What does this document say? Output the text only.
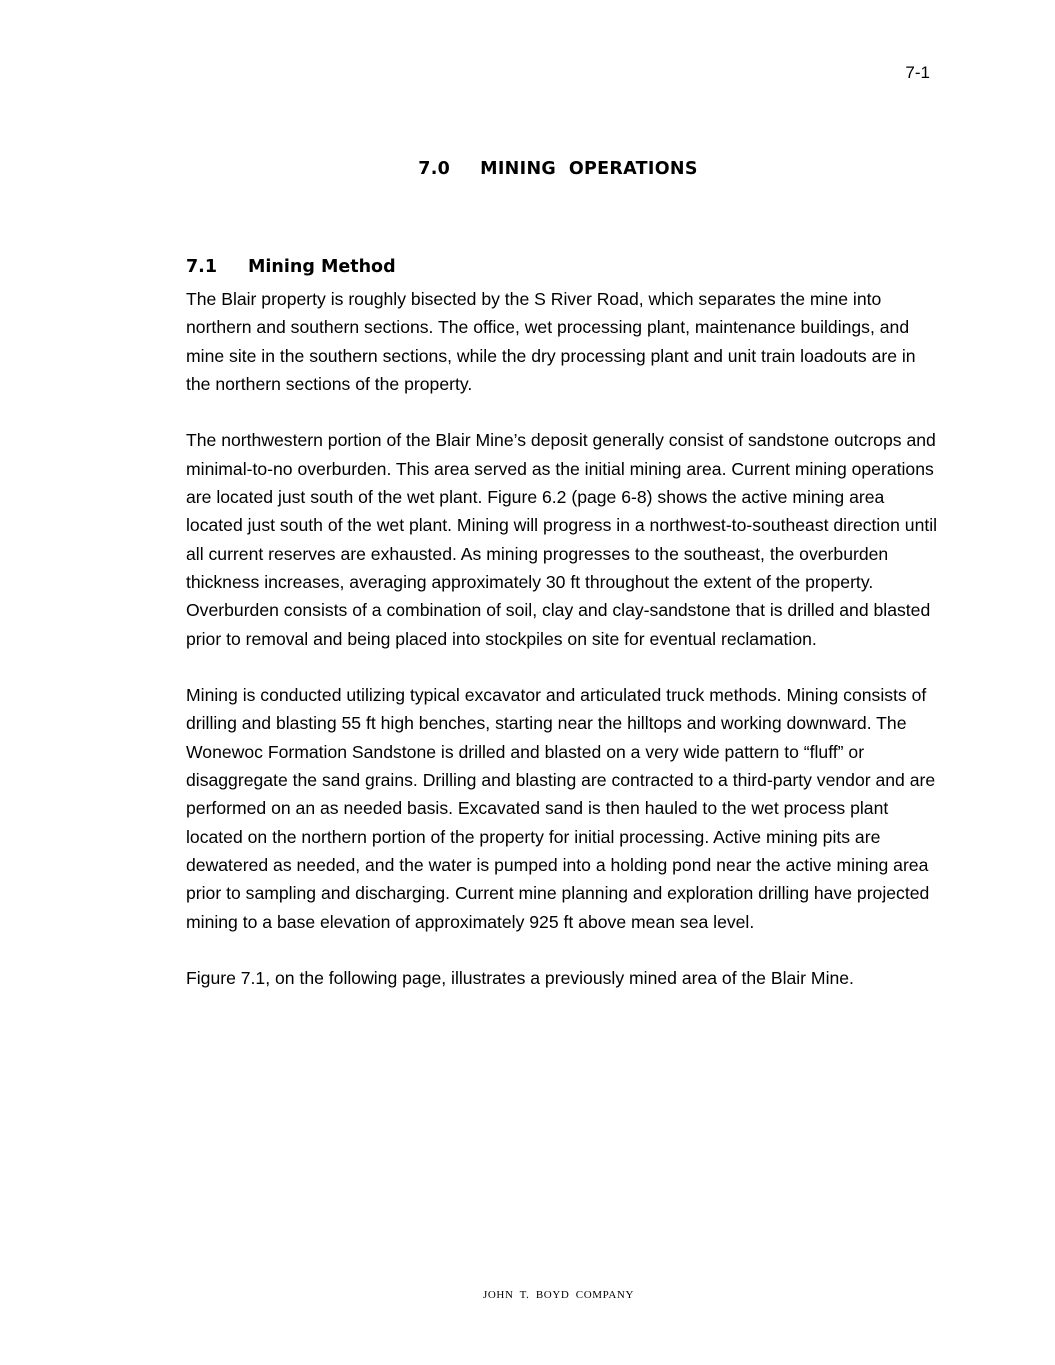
7-1
7.0 MINING  OPERATIONS
7.1 Mining Method

The Blair property is roughly bisected by the S River Road, which separates the mine into northern and southern sections. The office, wet processing plant, maintenance buildings, and mine site in the southern sections, while the dry processing plant and unit train loadouts are in the northern sections of the property.

The northwestern portion of the Blair Mine’s deposit generally consist of sandstone outcrops and minimal-to-no overburden. This area served as the initial mining area. Current mining operations are located just south of the wet plant. Figure 6.2 (page 6-8) shows the active mining area located just south of the wet plant. Mining will progress in a northwest-to-southeast direction until all current reserves are exhausted. As mining progresses to the southeast, the overburden thickness increases, averaging approximately 30 ft throughout the extent of the property. Overburden consists of a combination of soil, clay and clay-sandstone that is drilled and blasted prior to removal and being placed into stockpiles on site for eventual reclamation.

Mining is conducted utilizing typical excavator and articulated truck methods. Mining consists of drilling and blasting 55 ft high benches, starting near the hilltops and working downward. The Wonewoc Formation Sandstone is drilled and blasted on a very wide pattern to “fluff” or disaggregate the sand grains. Drilling and blasting are contracted to a third-party vendor and are performed on an as needed basis. Excavated sand is then hauled to the wet process plant located on the northern portion of the property for initial processing. Active mining pits are dewatered as needed, and the water is pumped into a holding pond near the active mining area prior to sampling and discharging. Current mine planning and exploration drilling have projected mining to a base elevation of approximately 925 ft above mean sea level.

Figure 7.1, on the following page, illustrates a previously mined area of the Blair Mine.

JOHN T. BOYD COMPANY
